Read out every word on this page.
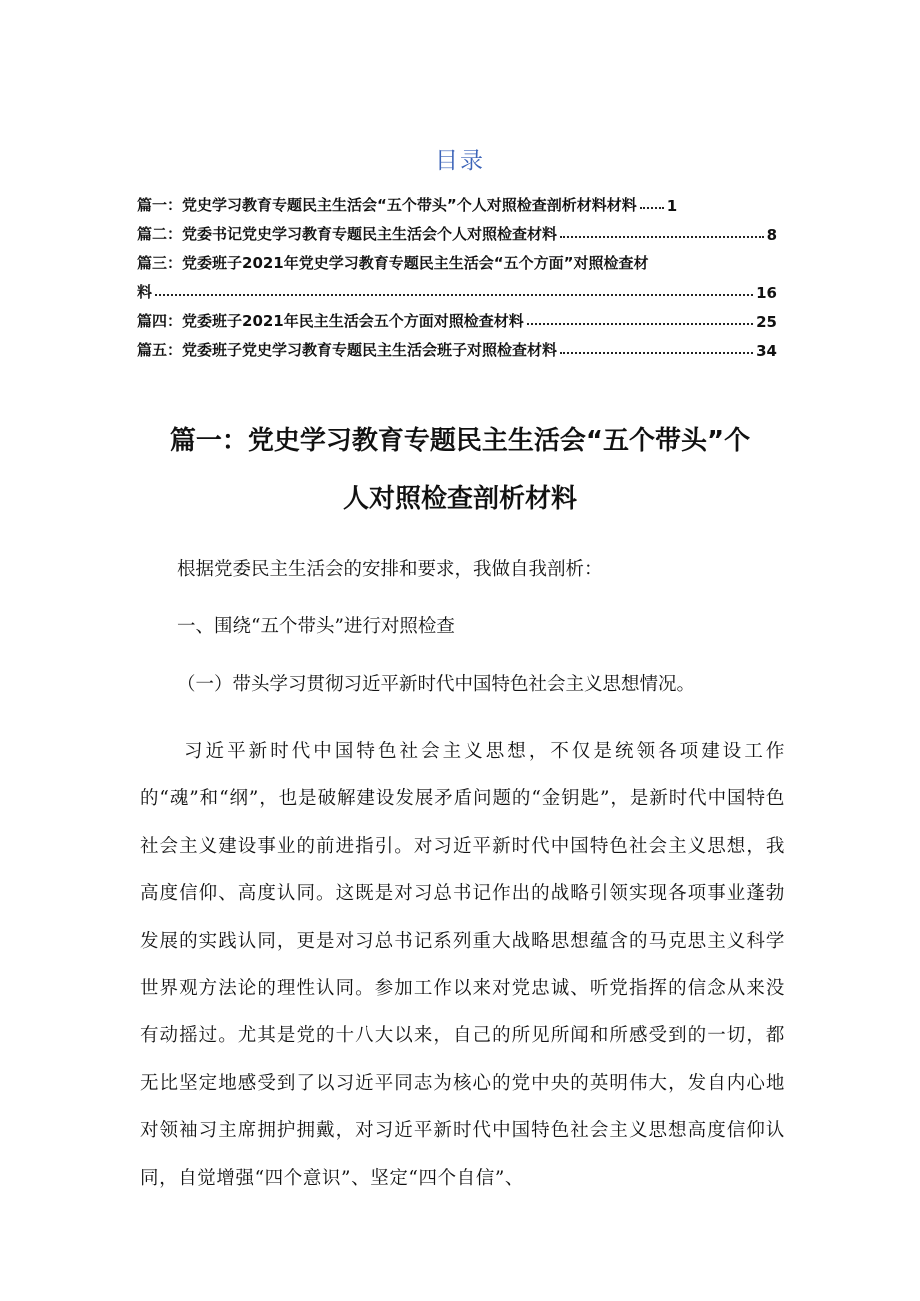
目录
篇一：党史学习教育专题民主生活会“五个带头”个人对照检查剖析材料材料 1
篇二：党委书记党史学习教育专题民主生活会个人对照检查材料	8
篇三：党委班子2021年党史学习教育专题民主生活会“五个方面”对照检查材
料	16
篇四：党委班子2021年民主生活会五个方面对照检查材料	25
篇五：党委班子党史学习教育专题民主生活会班子对照检查材料	34
篇一：党史学习教育专题民主生活会“五个带头”个
人对照检查剖析材料

根据党委民主生活会的安排和要求，我做自我剖析：

一、围绕“五个带头”进行对照检查

（一）带头学习贯彻习近平新时代中国特色社会主义思想情况。

习近平新时代中国特色社会主义思想，不仅是统领各项建设工作的“魂”和“纲”，也是破解建设发展矛盾问题的“金钥匙”，是新时代中国特色社会主义建设事业的前进指引。对习近平新时代中国特色社会主义思想，我高度信仰、高度认同。这既是对习总书记作出的战略引领实现各项事业蓬勃发展的实践认同，更是对习总书记系列重大战略思想蕴含的马克思主义科学世界观方法论的理性认同。参加工作以来对党忠诚、听党指挥的信念从来没有动摇过。尤其是党的十八大以来，自己的所见所闻和所感受到的一切，都无比坚定地感受到了以习近平同志为核心的党中央的英明伟大，发自内心地对领袖习主席拥护拥戴，对习近平新时代中国特色社会主义思想高度信仰认同，自觉增强“四个意识”、坚定“四个自信”、
